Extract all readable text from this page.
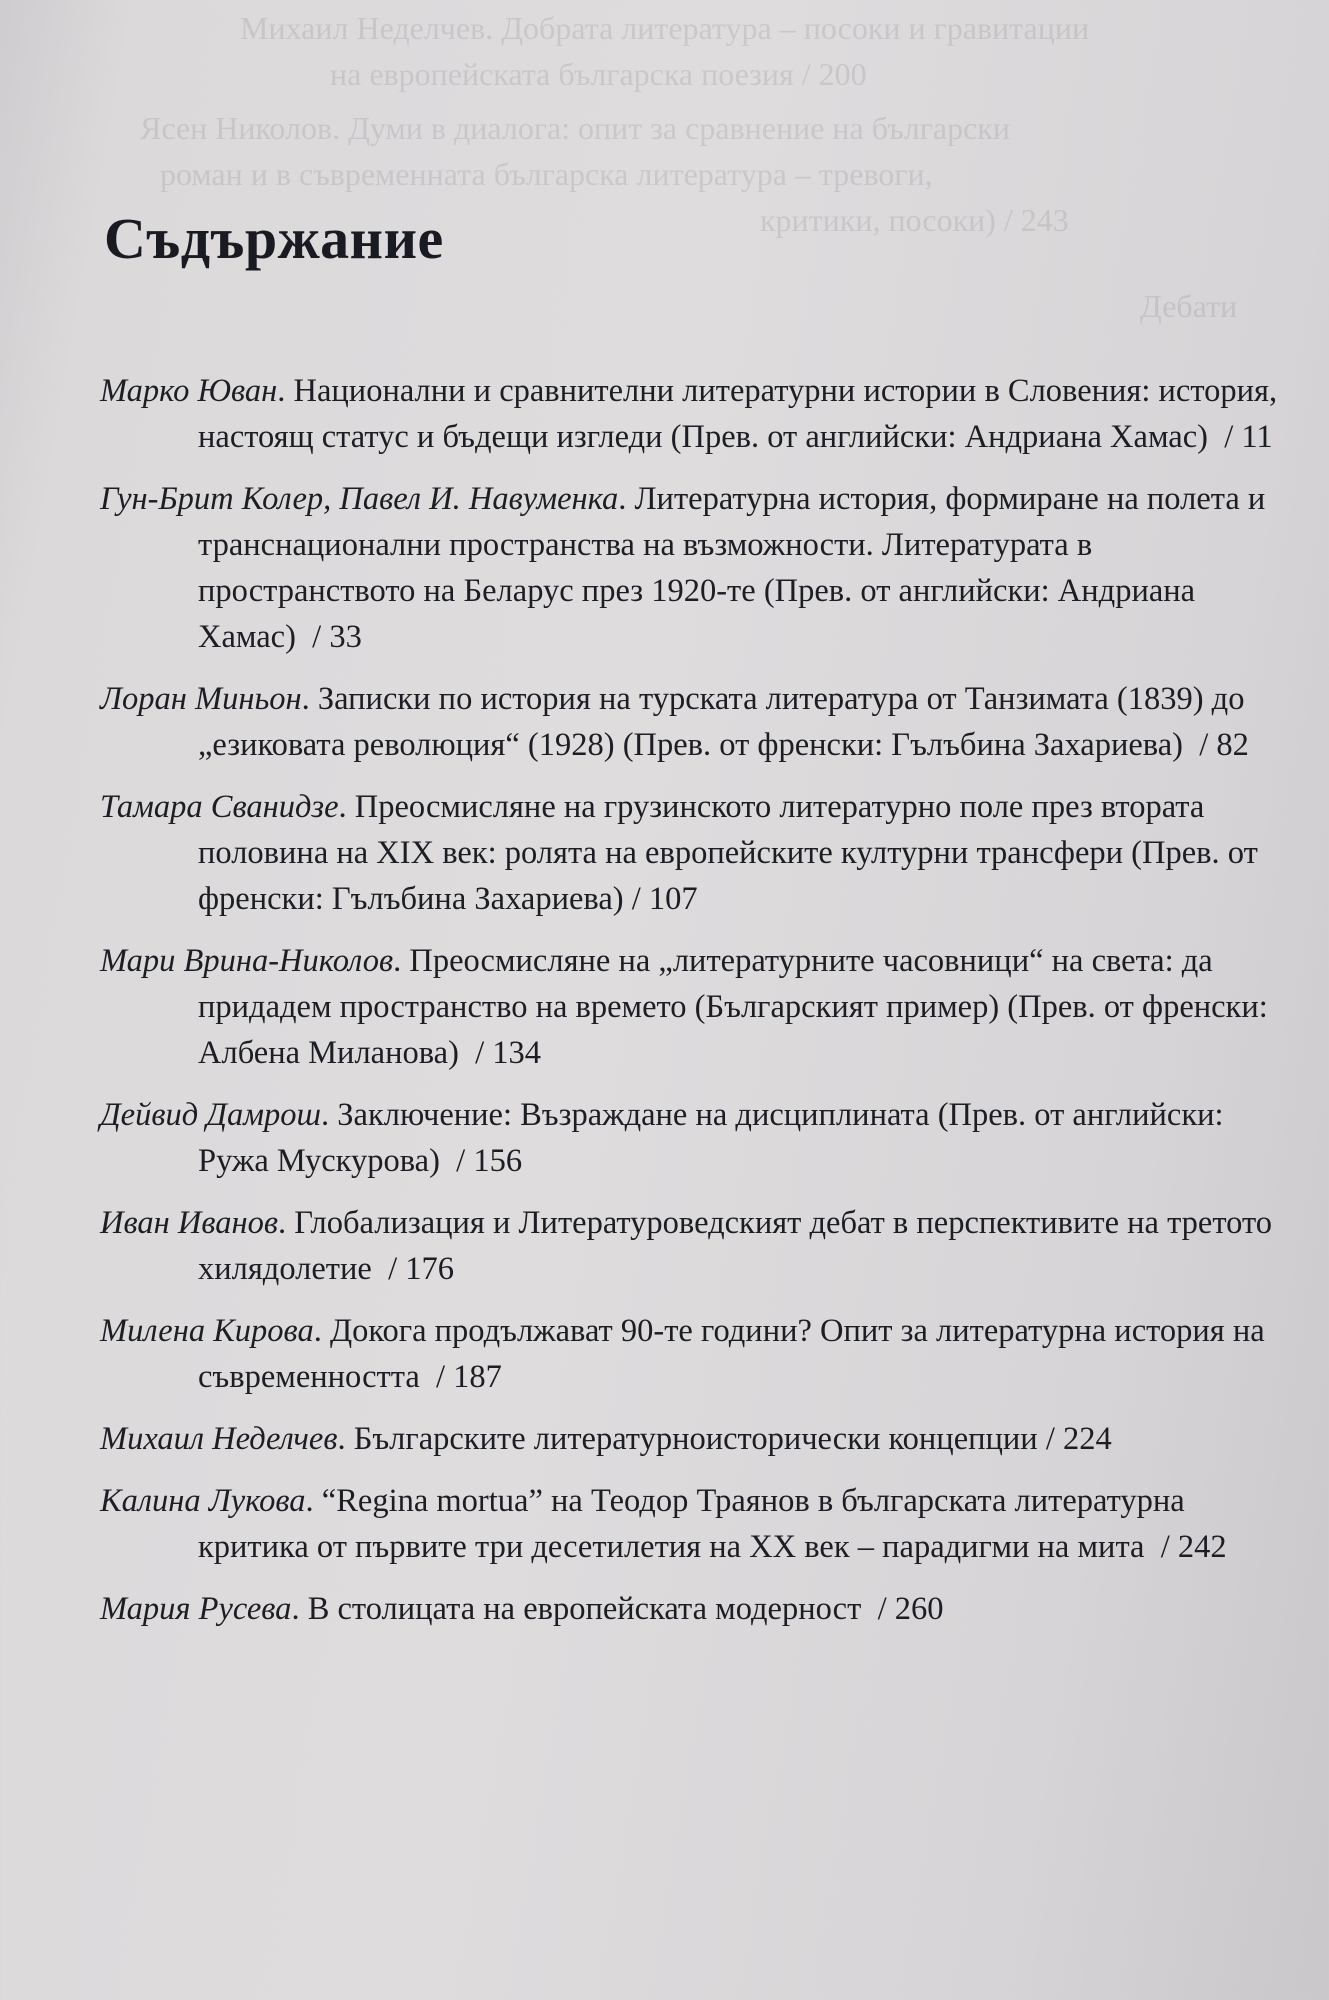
Михаил Неделчев. Добрата литература – посоки и гравитации
на европейската българска поезия / 200
Ясен Николов. Думи в диалога: опит за сравнение на български
роман и в съвременната българска литература – тревоги,
критики, посоки) / 243
Дебати
Съдържание
Марко Юван. Национални и сравнителни литературни истории в Словения: история, настоящ статус и бъдещи изгледи (Прев. от английски: Андриана Хамас) / 11
Гун-Брит Колер, Павел И. Навуменка. Литературна история, формиране на полета и транснационални пространства на възможности. Литературата в пространството на Беларус през 1920-те (Прев. от английски: Андриана Хамас) / 33
Лоран Миньон. Записки по история на турската литература от Танзимата (1839) до „езиковата революция“ (1928) (Прев. от френски: Гълъбина Захариева) / 82
Тамара Сванидзе. Преосмисляне на грузинското литературно поле през втората половина на XIX век: ролята на европейските културни трансфери (Прев. от френски: Гълъбина Захариева) / 107
Мари Врина-Николов. Преосмисляне на „литературните часовници“ на света: да придадем пространство на времето (Българският пример) (Прев. от френски: Албена Миланова) / 134
Дейвид Дамрош. Заключение: Възраждане на дисциплината (Прев. от английски: Ружа Мускурова) / 156
Иван Иванов. Глобализация и Литературоведският дебат в перспективите на третото хилядолетие / 176
Милена Кирова. Докога продължават 90-те години? Опит за литературна история на съвременността / 187
Михаил Неделчев. Българските литературноисторически концепции / 224
Калина Лукова. “Regina mortua” на Теодор Траянов в българската литературна критика от първите три десетилетия на XX век – парадигми на мита / 242
Мария Русева. В столицата на европейската модерност / 260
